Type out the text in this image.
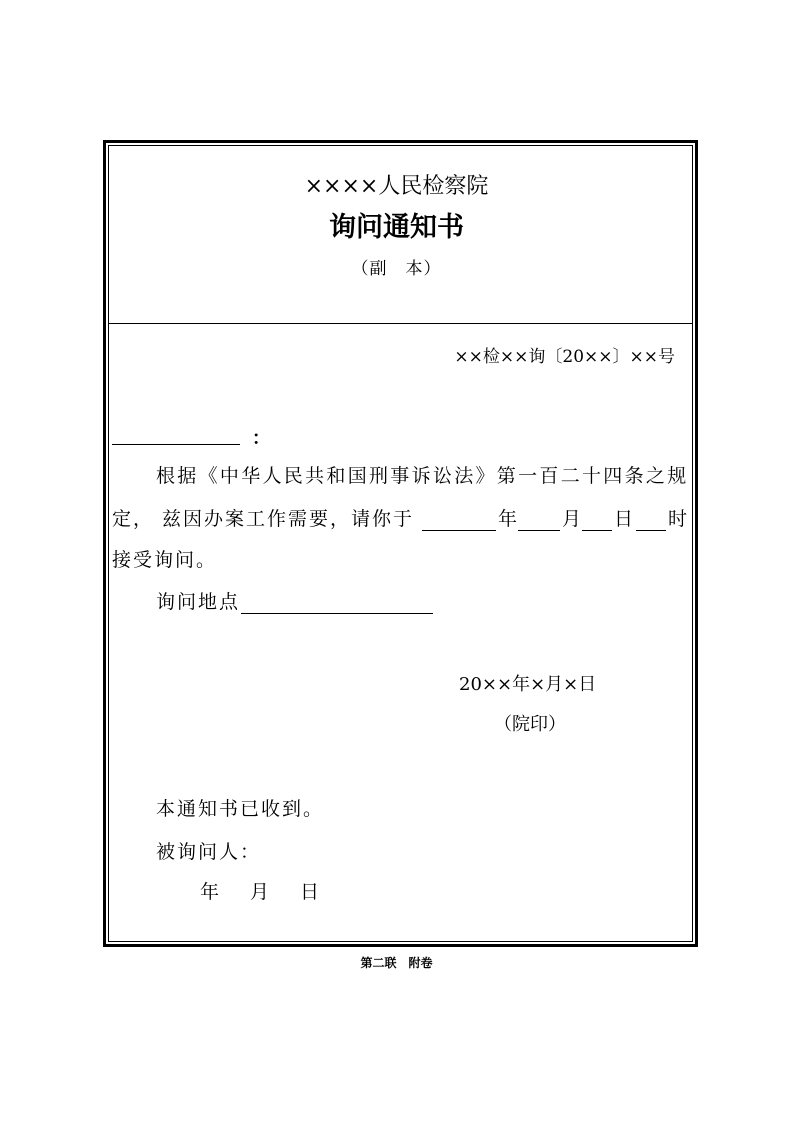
××××人民检察院
询问通知书
（副　本）
××检××询〔20××〕××号
：
根据《中华人民共和国刑事诉讼法》第一百二十四条之规
定， 兹因办案工作需要，请你于	年 月 日 时
接受询问。
询问地点
20××年×月×日
（院印）
本通知书已收到。
被询问人：
年　月　日
第二联　附卷
